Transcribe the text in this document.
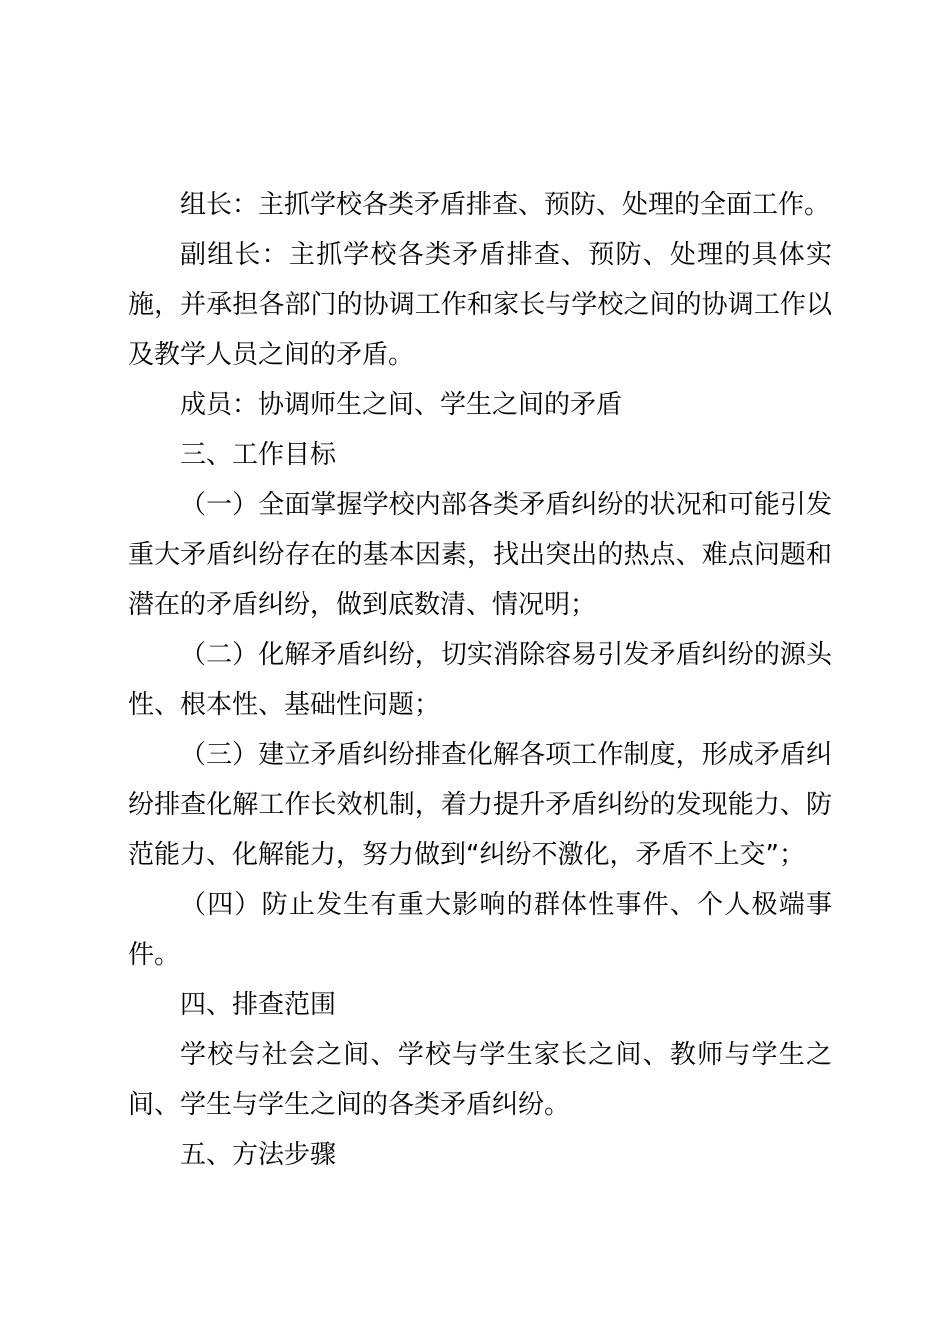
组长：主抓学校各类矛盾排查、预防、处理的全面工作。

副组长：主抓学校各类矛盾排查、预防、处理的具体实施，并承担各部门的协调工作和家长与学校之间的协调工作以及教学人员之间的矛盾。

成员：协调师生之间、学生之间的矛盾

三、工作目标

（一）全面掌握学校内部各类矛盾纠纷的状况和可能引发重大矛盾纠纷存在的基本因素，找出突出的热点、难点问题和潜在的矛盾纠纷，做到底数清、情况明；

（二）化解矛盾纠纷，切实消除容易引发矛盾纠纷的源头性、根本性、基础性问题；

（三）建立矛盾纠纷排查化解各项工作制度，形成矛盾纠纷排查化解工作长效机制，着力提升矛盾纠纷的发现能力、防范能力、化解能力，努力做到“纠纷不激化，矛盾不上交”；

（四）防止发生有重大影响的群体性事件、个人极端事件。

四、排查范围

学校与社会之间、学校与学生家长之间、教师与学生之间、学生与学生之间的各类矛盾纠纷。

五、方法步骤
